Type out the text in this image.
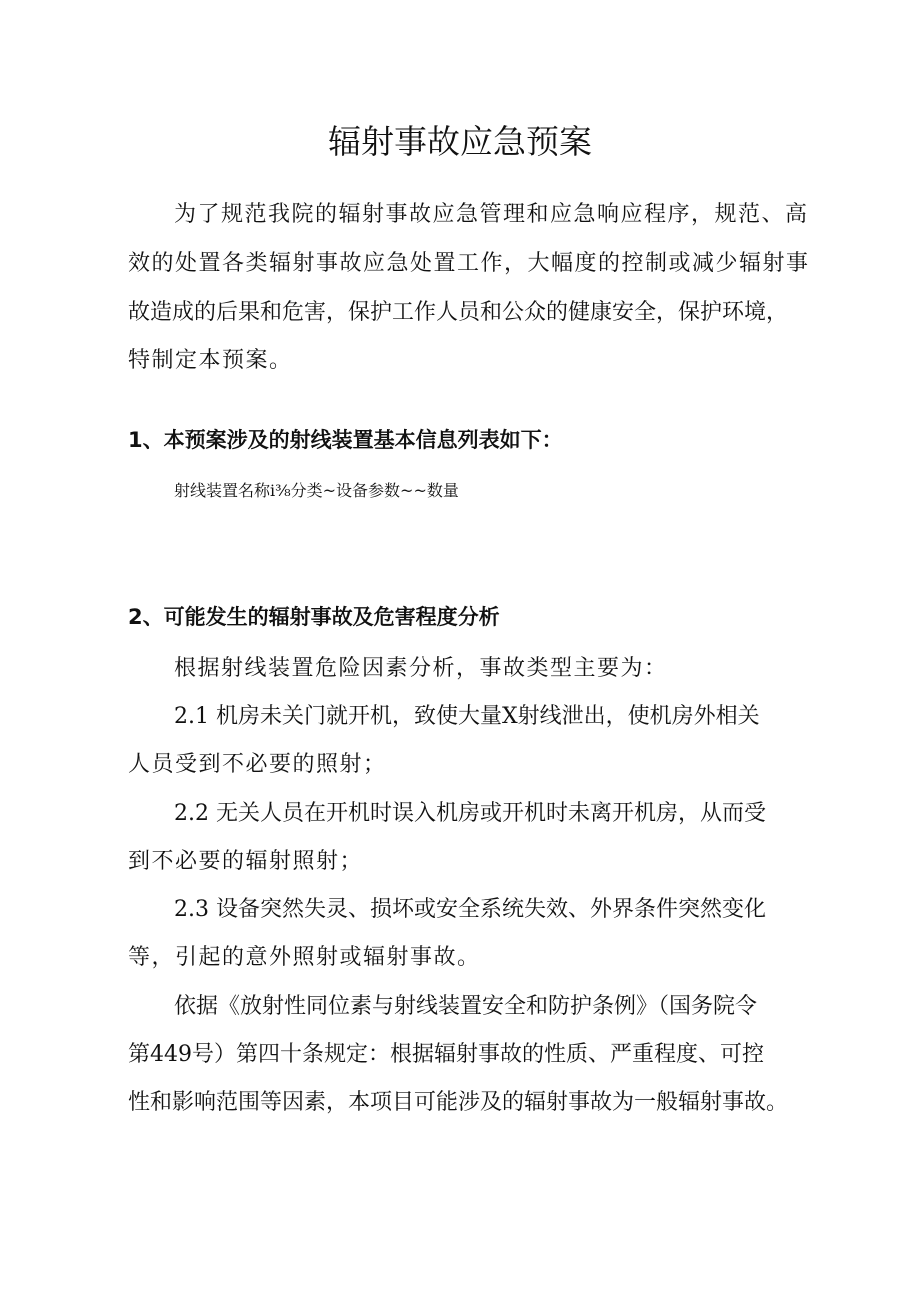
辐射事故应急预案

为了规范我院的辐射事故应急管理和应急响应程序，规范、高

效的处置各类辐射事故应急处置工作，大幅度的控制或减少辐射事

故造成的后果和危害，保护工作人员和公众的健康安全，保护环境，

特制定本预案。

1、本预案涉及的射线装置基本信息列表如下：

射线装置名称i⅜分类~设备参数~~数量

2、可能发生的辐射事故及危害程度分析

根据射线装置危险因素分析，事故类型主要为：

2.1 机房未关门就开机，致使大量X射线泄出，使机房外相关

人员受到不必要的照射；

2.2 无关人员在开机时误入机房或开机时未离开机房，从而受

到不必要的辐射照射；

2.3 设备突然失灵、损坏或安全系统失效、外界条件突然变化

等，引起的意外照射或辐射事故。

依据《放射性同位素与射线装置安全和防护条例》（国务院令

第449号）第四十条规定：根据辐射事故的性质、严重程度、可控

性和影响范围等因素，本项目可能涉及的辐射事故为一般辐射事故。
